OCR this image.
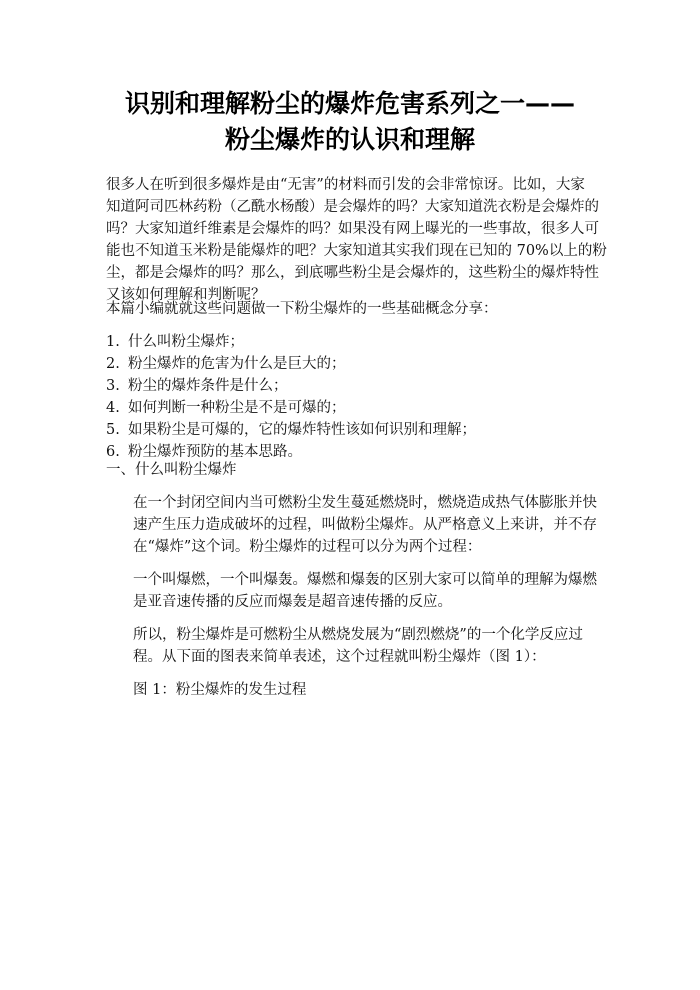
识别和理解粉尘的爆炸危害系列之一——
粉尘爆炸的认识和理解
很多人在听到很多爆炸是由“无害”的材料而引发的会非常惊讶。比如，大家
知道阿司匹林药粉（乙酰水杨酸）是会爆炸的吗？大家知道洗衣粉是会爆炸的
吗？大家知道纤维素是会爆炸的吗？如果没有网上曝光的一些事故，很多人可
能也不知道玉米粉是能爆炸的吧？大家知道其实我们现在已知的 70%以上的粉
尘，都是会爆炸的吗？那么，到底哪些粉尘是会爆炸的，这些粉尘的爆炸特性
又该如何理解和判断呢？
本篇小编就就这些问题做一下粉尘爆炸的一些基础概念分享：
1. 什么叫粉尘爆炸；
2. 粉尘爆炸的危害为什么是巨大的；
3. 粉尘的爆炸条件是什么；
4. 如何判断一种粉尘是不是可爆的；
5. 如果粉尘是可爆的，它的爆炸特性该如何识别和理解；
6. 粉尘爆炸预防的基本思路。
一、什么叫粉尘爆炸
在一个封闭空间内当可燃粉尘发生蔓延燃烧时，燃烧造成热气体膨胀并快
速产生压力造成破坏的过程，叫做粉尘爆炸。从严格意义上来讲，并不存
在“爆炸”这个词。粉尘爆炸的过程可以分为两个过程：
一个叫爆燃，一个叫爆轰。爆燃和爆轰的区别大家可以简单的理解为爆燃
是亚音速传播的反应而爆轰是超音速传播的反应。
所以，粉尘爆炸是可燃粉尘从燃烧发展为“剧烈燃烧”的一个化学反应过
程。从下面的图表来简单表述，这个过程就叫粉尘爆炸（图 1）：
图 1：粉尘爆炸的发生过程
